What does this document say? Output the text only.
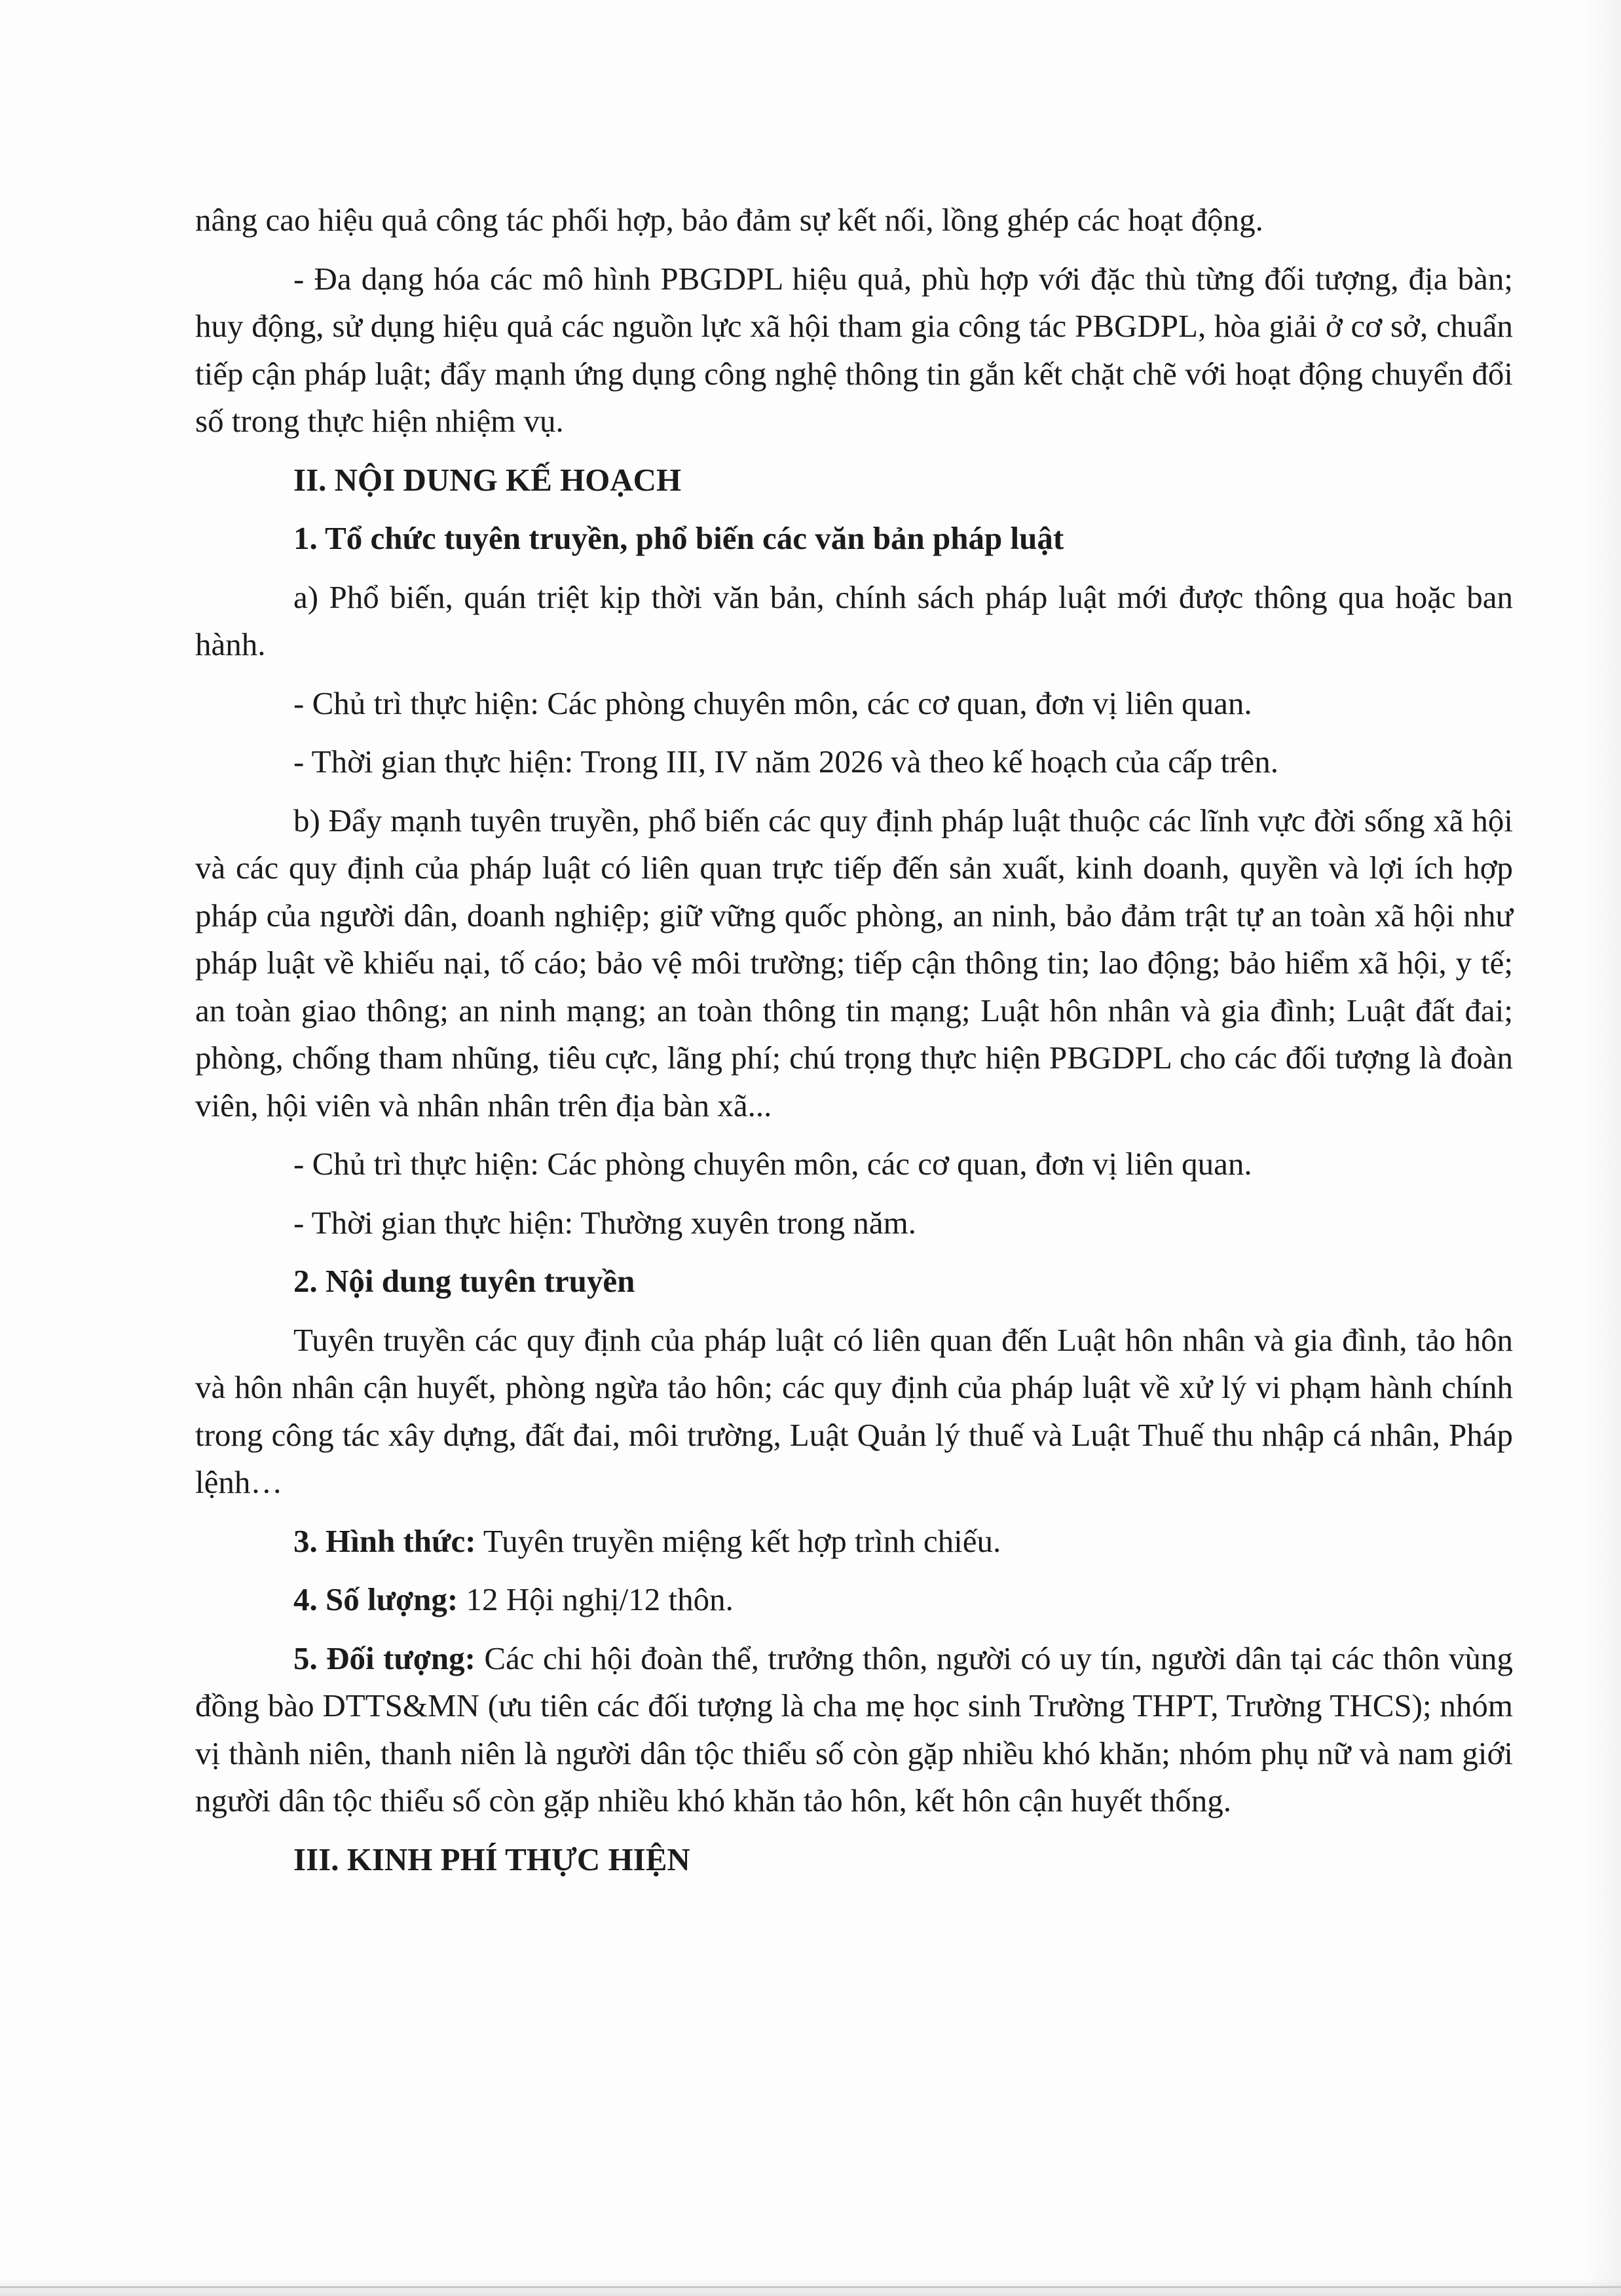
nâng cao hiệu quả công tác phối hợp, bảo đảm sự kết nối, lồng ghép các hoạt động.

- Đa dạng hóa các mô hình PBGDPL hiệu quả, phù hợp với đặc thù từng đối tượng, địa bàn; huy động, sử dụng hiệu quả các nguồn lực xã hội tham gia công tác PBGDPL, hòa giải ở cơ sở, chuẩn tiếp cận pháp luật; đẩy mạnh ứng dụng công nghệ thông tin gắn kết chặt chẽ với hoạt động chuyển đổi số trong thực hiện nhiệm vụ.

II. NỘI DUNG KẾ HOẠCH

1. Tổ chức tuyên truyền, phổ biến các văn bản pháp luật

a) Phổ biến, quán triệt kịp thời văn bản, chính sách pháp luật mới được thông qua hoặc ban hành.

- Chủ trì thực hiện: Các phòng chuyên môn, các cơ quan, đơn vị liên quan.

- Thời gian thực hiện: Trong III, IV năm 2026 và theo kế hoạch của cấp trên.

b) Đẩy mạnh tuyên truyền, phổ biến các quy định pháp luật thuộc các lĩnh vực đời sống xã hội và các quy định của pháp luật có liên quan trực tiếp đến sản xuất, kinh doanh, quyền và lợi ích hợp pháp của người dân, doanh nghiệp; giữ vững quốc phòng, an ninh, bảo đảm trật tự an toàn xã hội như pháp luật về khiếu nại, tố cáo; bảo vệ môi trường; tiếp cận thông tin; lao động; bảo hiểm xã hội, y tế; an toàn giao thông; an ninh mạng; an toàn thông tin mạng; Luật hôn nhân và gia đình; Luật đất đai; phòng, chống tham nhũng, tiêu cực, lãng phí; chú trọng thực hiện PBGDPL cho các đối tượng là đoàn viên, hội viên và nhân nhân trên địa bàn xã...

- Chủ trì thực hiện: Các phòng chuyên môn, các cơ quan, đơn vị liên quan.

- Thời gian thực hiện: Thường xuyên trong năm.

2. Nội dung tuyên truyền

Tuyên truyền các quy định của pháp luật có liên quan đến Luật hôn nhân và gia đình, tảo hôn và hôn nhân cận huyết, phòng ngừa tảo hôn; các quy định của pháp luật về xử lý vi phạm hành chính trong công tác xây dựng, đất đai, môi trường, Luật Quản lý thuế và Luật Thuế thu nhập cá nhân, Pháp lệnh…

3. Hình thức: Tuyên truyền miệng kết hợp trình chiếu.

4. Số lượng: 12 Hội nghị/12 thôn.

5. Đối tượng: Các chi hội đoàn thể, trưởng thôn, người có uy tín, người dân tại các thôn vùng đồng bào DTTS&MN (ưu tiên các đối tượng là cha mẹ học sinh Trường THPT, Trường THCS); nhóm vị thành niên, thanh niên là người dân tộc thiểu số còn gặp nhiều khó khăn; nhóm phụ nữ và nam giới người dân tộc thiểu số còn gặp nhiều khó khăn tảo hôn, kết hôn cận huyết thống.

III. KINH PHÍ THỰC HIỆN
